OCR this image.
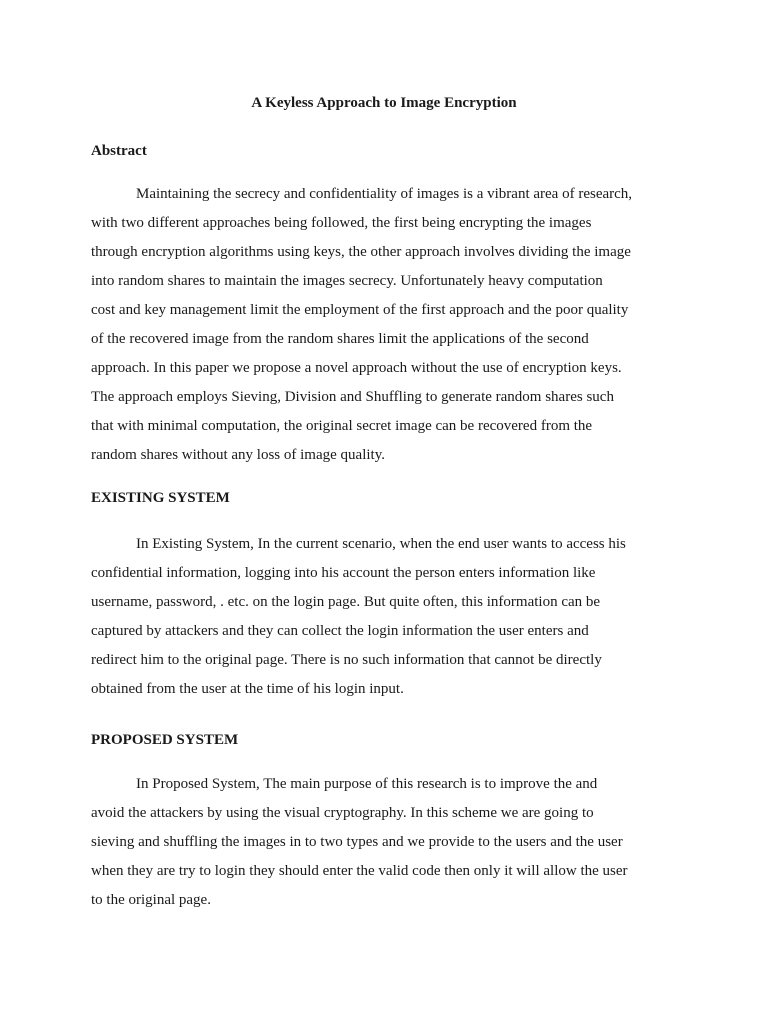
A Keyless Approach to Image Encryption
Abstract
Maintaining the secrecy and confidentiality of images is a vibrant area of research,
with two different approaches being followed, the first being encrypting the images
through encryption algorithms using keys, the other approach involves dividing the image
into random shares to maintain the images secrecy. Unfortunately heavy computation
cost and key management limit the employment of the first approach and the poor quality
of the recovered image from the random shares limit the applications of the second
approach. In this paper we propose a novel approach without the use of encryption keys.
The approach employs Sieving, Division and Shuffling to generate random shares such
that with minimal computation, the original secret image can be recovered from the
random shares without any loss of image quality.
EXISTING SYSTEM
In Existing System, In the current scenario, when the end user wants to access his
confidential information, logging into his account the person enters information like
username, password, . etc. on the login page. But quite often, this information can be
captured by attackers and they can collect the login information the user enters and
redirect him to the original page. There is no such information that cannot be directly
obtained from the user at the time of his login input.
PROPOSED SYSTEM
In Proposed System, The main purpose of this research is to improve the and
avoid the attackers by using the visual cryptography. In this scheme we are going to
sieving and shuffling the images in to two types and we provide to the users and the user
when they are try to login they should enter the valid code then only it will allow the user
to the original page.
